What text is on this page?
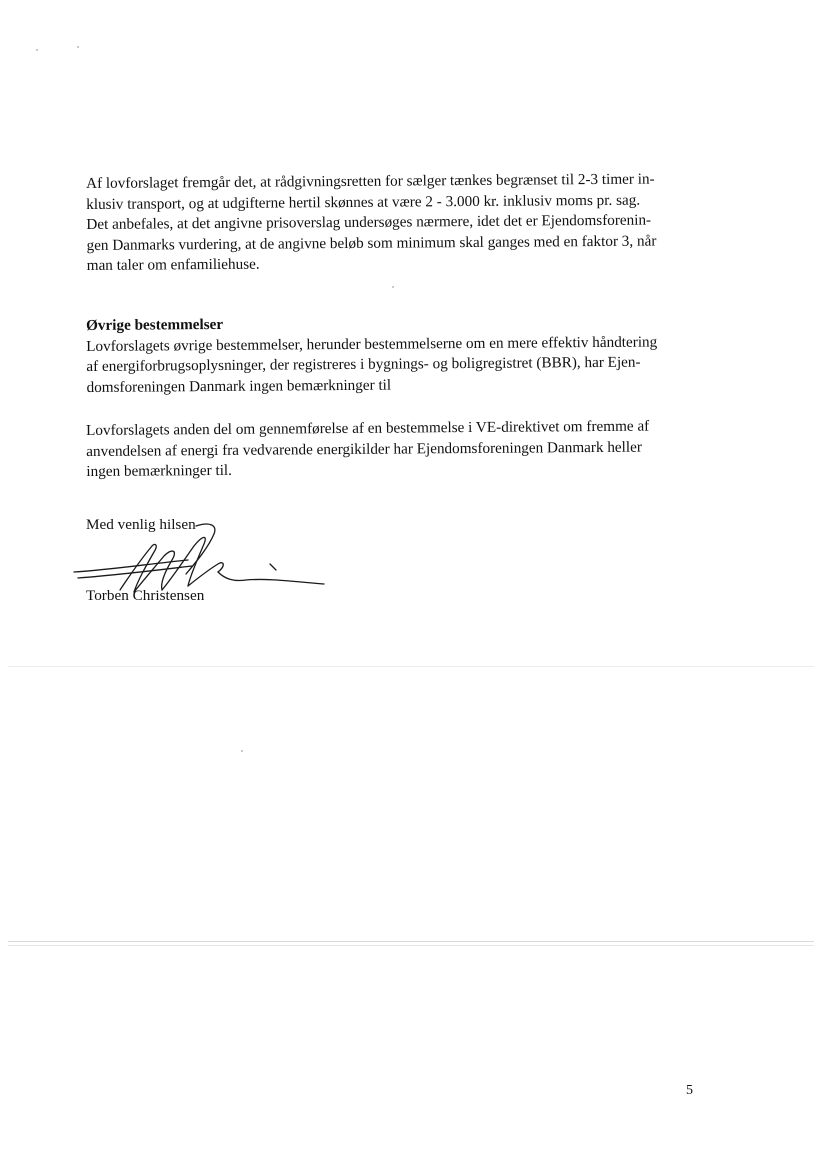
Af lovforslaget fremgår det, at rådgivningsretten for sælger tænkes begrænset til 2-3 timer in-
klusiv transport, og at udgifterne hertil skønnes at være 2 - 3.000 kr. inklusiv moms pr. sag.
Det anbefales, at det angivne prisoverslag undersøges nærmere, idet det er Ejendomsforenin-
gen Danmarks vurdering, at de angivne beløb som minimum skal ganges med en faktor 3, når
man taler om enfamiliehuse.
Øvrige bestemmelser
Lovforslagets øvrige bestemmelser, herunder bestemmelserne om en mere effektiv håndtering
af energiforbrugsoplysninger, der registreres i bygnings- og boligregistret (BBR), har Ejen-
domsforeningen Danmark ingen bemærkninger til
Lovforslagets anden del om gennemførelse af en bestemmelse i VE-direktivet om fremme af
anvendelsen af energi fra vedvarende energikilder har Ejendomsforeningen Danmark heller
ingen bemærkninger til.
Med venlig hilsen
Torben Christensen
5
